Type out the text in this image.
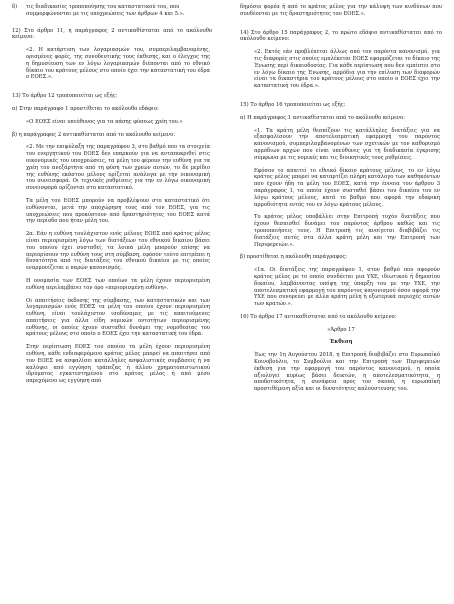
δ)	τις διαδικασίες τροποποίησης του καταστατικού του, που συμμορφώνονται με τις υποχρεώσεις των άρθρων 4 και 5.».
12) Στο άρθρο 11, η παράγραφος 2 αντικαθίσταται από το ακόλουθο κείμενο:
«2. Η κατάρτιση των λογαριασμών του, συμπεριλαμβανομένης, ορισμένες φορές, της συνοδευτικής τους έκθεσης, και ο έλεγχος της η δημοσίευση των εν λόγω λογαριασμών διέπονται από το εθνικό δίκαιο του κράτους μέλους στο οποίο έχει την καταστατική του έδρα ο ΕΟΕΣ.».
13) Το άρθρο 12 τροποποιείται ως εξής:
α) Στην παράγραφο 1 προστίθεται το ακόλουθο εδάφιο:
«Ο ΕΟΕΣ είναι υπεύθυνος για τα πάσης φύσεως χρέη του.»
β) η παράγραφος 2 αντικαθίσταται από το ακόλουθο κείμενο:
«2. Με την επιφύλαξη της παραγράφου 3, στο βαθμό που τα στοιχεία του ενεργητικού του ΕΟΕΣ δεν επαρκούν για να ανταποκριθεί στις οικονομικές του υποχρεώσεις, τα μέλη του φέρουν την ευθύνη για τα χρέη του ανεξάρτητα από τη φύση των χρεών αυτών, το δε μερίδιο της ευθύνης εκάστου μέλους ορίζεται ανάλογα με την οικονομική του συνεισφορά. Οι τεχνικές ρυθμίσεις για την εν λόγω οικονομική συνεισφορά ορίζονται στο καταστατικό.
Τα μέλη του ΕΟΕΣ μπορούν να προβλέψουν στο καταστατικό ότι ευθύνονται, μετά την αποχώρηση τους από τον ΕΟΕΣ, για τις υποχρεώσεις που προκύπτουν από δραστηριότητες του ΕΟΕΣ κατά την περίοδο που ήταν μέλη του.
2α. Εάν η ευθύνη τουλάχιστον ενός μέλους ΕΟΕΣ από κράτος μέλος είναι περιορισμένη λόγω των διατάξεων του εθνικού δικαίου βάσει του οποίου έχει συσταθεί, τα λοιπά μέλη μπορούν επίσης να περιορίσουν την ευθύνη τους στη σύμβαση, εφόσον τούτο επιτρέπει η δυνατότητα από τις διατάξεις του εθνικού δικαίου με τις οποίες εναρμονίζεται ο παρών κανονισμός.
Η ονομασία των ΕΟΕΣ των οποίων τα μέλη έχουν περιορισμένη ευθύνη περιλαμβάνει τον όρο «περιορισμένη ευθύνη».
Οι απαιτήσεις έκδοσης της σύμβασης, των καταστατικών και των λογαριασμών ενός ΕΟΕΣ τα μέλη του οποίου έχουν περιορισμένη ευθύνη, είναι τουλάχιστον ισοδύναμες με τις απαιτούμενες απαιτήσεις για άλλα είδη νομικών οντοτήτων περιορισμένης ευθύνης, οι οποίες έχουν συσταθεί δυνάμει της νομοθεσίας του κράτους μέλους στο οποίο ο ΕΟΕΣ έχει την καταστατική του έδρα.
Στην περίπτωση ΕΟΕΣ του οποίου τα μέλη έχουν περιορισμένη ευθύνη, κάθε ενδιαφερόμενο κράτος μέλος μπορεί να απαιτήσει από τον ΕΟΕΣ να ασφαλίσει κατάλληλες ασφαλιστικές συμβάσεις ή να καλύψει από εγγύηση τράπεζας ή άλλου χρηματοπιστωτικού ιδρύματος εγκατεστημένου στο κράτος μέλος ή από μέσο παρεχόμενο ως εγγύηση από
δημόσιο φορέα ή από το κράτος μέλος για την κάλυψη των κινδύνων που συνδέονται με τις δραστηριότητες του ΕΟΕΣ.».
14) Στο άρθρο 15 παράγραφος 2, το πρώτο εδάφιο αντικαθίσταται από το ακόλουθο κείμενο:
«2. Εκτός εάν προβλέπεται άλλως από τον παρόντα κανονισμό, για τις διαφορές στις οποίες εμπλέκεται ΕΟΕΣ εφαρμόζεται το δίκαιο της Ένωσης περί δικαιοδοσίας. Για κάθε περίπτωση που δεν εμπίπτει στο εν λόγω δίκαιο της Ένωσης, αρμόδια για την επίλυση των διαφορών είναι τα δικαστήρια του κράτους μέλους στο οποίο ο ΕΟΕΣ έχει την καταστατική του έδρα.».
15) Το άρθρο 16 τροποποιείται ως εξής:
α) Η παράγραφος 1 αντικαθίσταται από το ακόλουθο κείμενο:
«1. Τα κράτη μέλη θεσπίζουν τις κατάλληλες διατάξεις για να εξασφαλίσουν την αποτελεσματική εφαρμογή του παρόντος κανονισμού, συμπεριλαμβανομένων των σχετικών με τον καθορισμό αρμόδιων αρχών που είναι υπεύθυνες για τη διαδικασία έγκρισης σύμφωνα με τις νομικές και τις διοικητικές τους ρυθμίσεις.
Εφόσον το απαιτεί το εθνικό δίκαιο κράτους μέλους, το εν λόγω κράτος μέλος μπορεί να καταρτίζει πλήρη κατάλογο των καθηκόντων που έχουν ήδη τα μέλη του ΕΟΕΣ, κατά την έννοια του άρθρου 3 παράγραφος 1, τα οποία έχουν συσταθεί βάσει του δικαίου του εν λόγω κράτους μέλους, κατά το βαθμό που αφορά την εδαφική αρμοδιότητα εντός του εν λόγω κράτους μέλους.
Το κράτος μέλος υποβάλλει στην Επιτροπή τυχόν διατάξεις που έχουν θεσπισθεί δυνάμει του παρόντος άρθρου καθώς και τις τροποποιήσεις τους. Η Επιτροπή τις ανοίγεται διαβιβάζει τις διατάξεις αυτές στα άλλα κράτη μέλη και την Επιτροπή των Περιφερειών.».
β) προστίθεται η ακόλουθη παράγραφος:
«1α. Οι διατάξεις της παραγράφου 1, στον βαθμό που αφορούν κράτος μέλος με το οποίο συνδέεται μια ΥΧΕ, ιδιωτικού ή δημοσίου δικαίου, λαμβάνοντας υπόψη της ύπαρξη του με την ΥΧΕ, την αποτελεσματική εφαρμογή του παρόντος κανονισμού όσον αφορά την ΥΧΕ που συνορεύει με άλλα κράτη μέλη ή εξωτερικά περιοχές αυτών των κρατών.».
16) Το άρθρο 17 αντικαθίσταται από το ακόλουθο κείμενο:
«Άρθρο 17
Έκθεση
Έως την 1η Αυγούστου 2018, η Επιτροπή διαβιβάζει στο Ευρωπαϊκό Κοινοβούλιο, το Συμβούλιο και την Επιτροπή των Περιφερειών έκθεση για την εφαρμογή του παρόντος κανονισμού, η οποία αξιολογεί κυρίως βάσει δεικτών, η αποτελεσματικότητα, η αποδοτικότητα, η συνάφεια προς τον σκοπό, η ευρωπαϊκή προστιθέμενη αξία και οι δυνατότητες απλούστευσης του.
